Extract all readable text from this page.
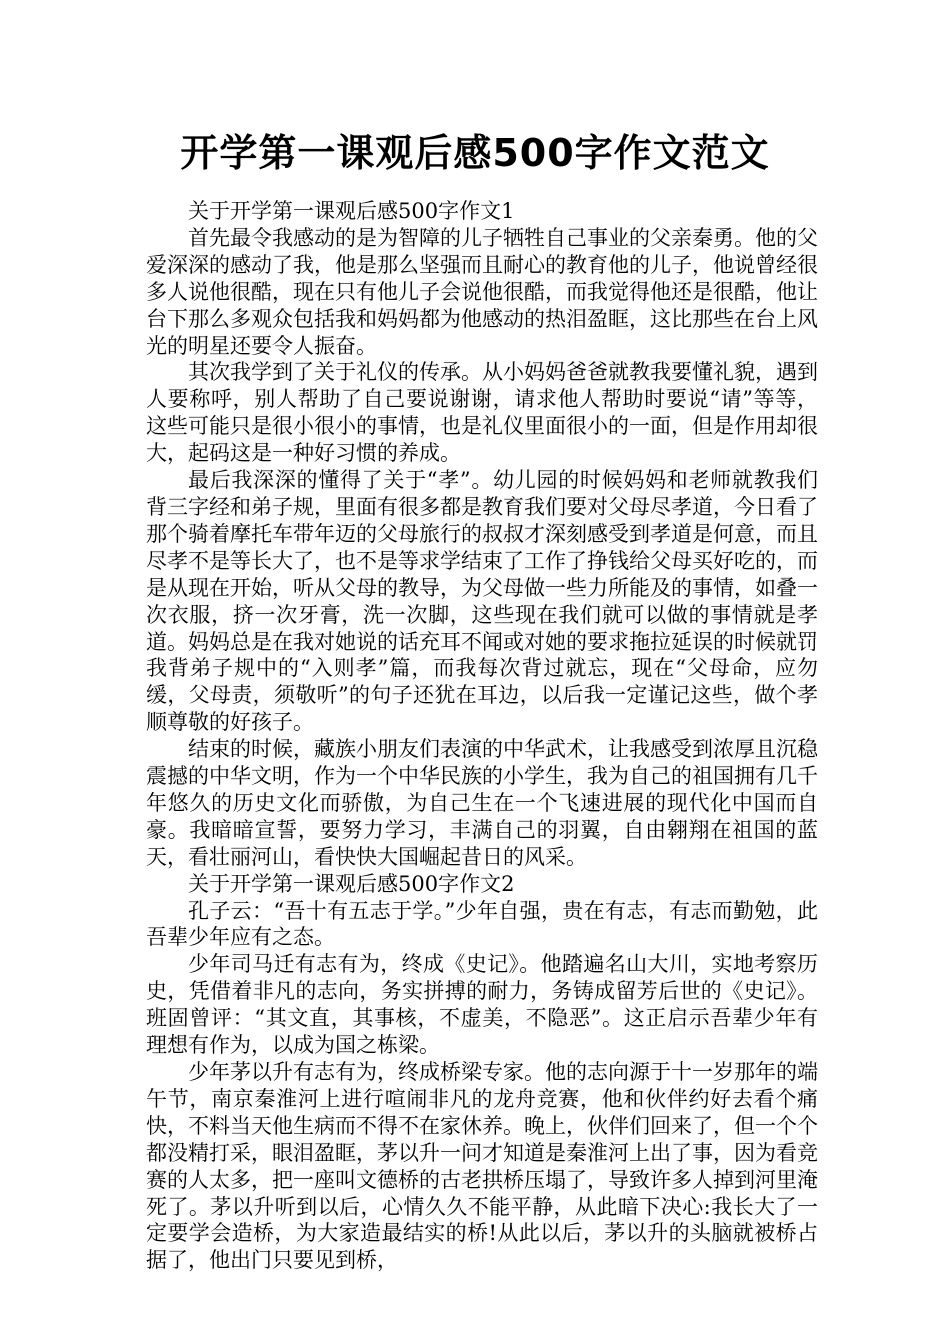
开学第一课观后感500字作文范文

关于开学第一课观后感500字作文1

首先最令我感动的是为智障的儿子牺牲自己事业的父亲秦勇。他的父爱深深的感动了我，他是那么坚强而且耐心的教育他的儿子，他说曾经很多人说他很酷，现在只有他儿子会说他很酷，而我觉得他还是很酷，他让台下那么多观众包括我和妈妈都为他感动的热泪盈眶，这比那些在台上风光的明星还要令人振奋。

其次我学到了关于礼仪的传承。从小妈妈爸爸就教我要懂礼貌，遇到人要称呼，别人帮助了自己要说谢谢，请求他人帮助时要说“请”等等，这些可能只是很小很小的事情，也是礼仪里面很小的一面，但是作用却很大，起码这是一种好习惯的养成。

最后我深深的懂得了关于“孝”。幼儿园的时候妈妈和老师就教我们背三字经和弟子规，里面有很多都是教育我们要对父母尽孝道，今日看了那个骑着摩托车带年迈的父母旅行的叔叔才深刻感受到孝道是何意，而且尽孝不是等长大了，也不是等求学结束了工作了挣钱给父母买好吃的，而是从现在开始，听从父母的教导，为父母做一些力所能及的事情，如叠一次衣服，挤一次牙膏，洗一次脚，这些现在我们就可以做的事情就是孝道。妈妈总是在我对她说的话充耳不闻或对她的要求拖拉延误的时候就罚我背弟子规中的“入则孝”篇，而我每次背过就忘，现在“父母命，应勿缓，父母责，须敬听”的句子还犹在耳边，以后我一定谨记这些，做个孝顺尊敬的好孩子。

结束的时候，藏族小朋友们表演的中华武术，让我感受到浓厚且沉稳震撼的中华文明，作为一个中华民族的小学生，我为自己的祖国拥有几千年悠久的历史文化而骄傲，为自己生在一个飞速进展的现代化中国而自豪。我暗暗宣誓，要努力学习，丰满自己的羽翼，自由翱翔在祖国的蓝天，看壮丽河山，看快快大国崛起昔日的风采。

关于开学第一课观后感500字作文2

孔子云：“吾十有五志于学。”少年自强，贵在有志，有志而勤勉，此吾辈少年应有之态。

少年司马迁有志有为，终成《史记》。他踏遍名山大川，实地考察历史，凭借着非凡的志向，务实拼搏的耐力，务铸成留芳后世的《史记》。班固曾评：“其文直，其事核，不虚美，不隐恶”。这正启示吾辈少年有理想有作为，以成为国之栋梁。

少年茅以升有志有为，终成桥梁专家。他的志向源于十一岁那年的端午节，南京秦淮河上进行喧闹非凡的龙舟竞赛，他和伙伴约好去看个痛快，不料当天他生病而不得不在家休养。晚上，伙伴们回来了，但一个个都没精打采，眼泪盈眶，茅以升一问才知道是秦淮河上出了事，因为看竞赛的人太多，把一座叫文德桥的古老拱桥压塌了，导致许多人掉到河里淹死了。茅以升听到以后，心情久久不能平静，从此暗下决心:我长大了一定要学会造桥，为大家造最结实的桥!从此以后，茅以升的头脑就被桥占据了，他出门只要见到桥，
